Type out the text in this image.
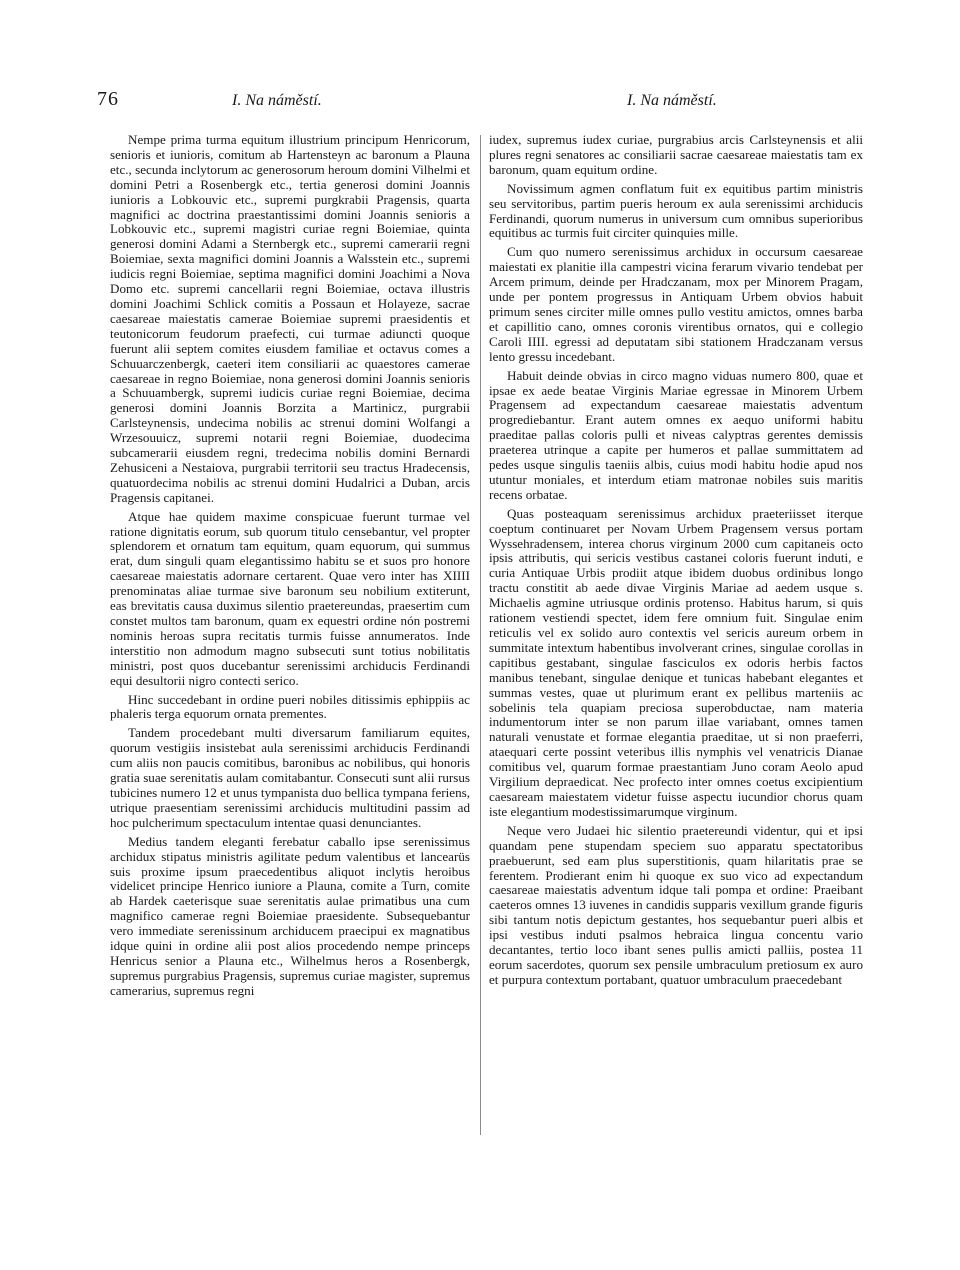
76	I. Na náměstí.	I. Na náměstí.

Nempe prima turma equitum illustrium principum Henricorum, senioris et iunioris, comitum ab Hartensteyn ac baronum a Plauna etc., secunda inclytorum ac generosorum heroum domini Vilhelmi et domini Petri a Rosenbergk etc., tertia generosi domini Joannis iunioris a Lobkouvic etc., supremi purgkrabii Pragensis, quarta magnifici ac doctrina praestantissimi domini Joannis senioris a Lobkouvic etc., supremi magistri curiae regni Boiemiae, quinta generosi domini Adami a Sternbergk etc., supremi camerarii regni Boiemiae, sexta magnifici domini Joannis a Walsstein etc., supremi iudicis regni Boiemiae, septima magnifici domini Joachimi a Nova Domo etc. supremi cancellarii regni Boiemiae, octava illustris domini Joachimi Schlick comitis a Possaun et Holayeze, sacrae caesareae maiestatis camerae Boiemiae supremi praesidentis et teutonicorum feudorum praefecti, cui turmae adiuncti quoque fuerunt alii septem comites eiusdem familiae et octavus comes a Schuuarczenbergk, caeteri item consiliarii ac quaestores camerae caesareae in regno Boiemiae, nona generosi domini Joannis senioris a Schuuambergk, supremi iudicis curiae regni Boiemiae, decima generosi domini Joannis Borzita a Martinicz, purgrabii Carlsteynensis, undecima nobilis ac strenui domini Wolfangi a Wrzesouuicz, supremi notarii regni Boiemiae, duodecima subcamerarii eiusdem regni, tredecima nobilis domini Bernardi Zehusiceni a Nestaiova, purgrabii territorii seu tractus Hradecensis, quatuordecima nobilis ac strenui domini Hudalrici a Duban, arcis Pragensis capitanei.

Atque hae quidem maxime conspicuae fuerunt turmae vel ratione dignitatis eorum, sub quorum titulo censebantur, vel propter splendorem et ornatum tam equitum, quam equorum, qui summus erat, dum singuli quam elegantissimo habitu se et suos pro honore caesareae maiestatis adornare certarent. Quae vero inter has XIIII prenominatas aliae turmae sive baronum seu nobilium extiterunt, eas brevitatis causa duximus silentio praetereundas, praesertim cum constet multos tam baronum, quam ex equestri ordine nón postremi nominis heroas supra recitatis turmis fuisse annumeratos. Inde interstitio non admodum magno subsecuti sunt totius nobilitatis ministri, post quos ducebantur serenissimi archiducis Ferdinandi equi desultorii nigro contecti serico.

Hinc succedebant in ordine pueri nobiles ditissimis ephippiis ac phaleris terga equorum ornata prementes.

Tandem procedebant multi diversarum familiarum equites, quorum vestigiis insistebat aula serenissimi archiducis Ferdinandi cum aliis non paucis comitibus, baronibus ac nobilibus, qui honoris gratia suae serenitatis aulam comitabantur. Consecuti sunt alii rursus tubicines numero 12 et unus tympanista duo bellica tympana feriens, utrique praesentiam serenissimi archiducis multitudini passim ad hoc pulcherimum spectaculum intentae quasi denunciantes.

Medius tandem eleganti ferebatur caballo ipse serenissimus archidux stipatus ministris agilitate pedum valentibus et lancearüs suis proxime ipsum praecedentibus aliquot inclytis heroibus videlicet principe Henrico iuniore a Plauna, comite a Turn, comite ab Hardek caeterisque suae serenitatis aulae primatibus una cum magnifico camerae regni Boiemiae praesidente. Subsequebantur vero immediate serenissinum archiducem praecipui ex magnatibus idque quini in ordine alii post alios procedendo nempe princeps Henricus senior a Plauna etc., Wilhelmus heros a Rosenbergk, supremus purgrabius Pragensis, supremus curiae magister, supremus camerarius, supremus regni

iudex, supremus iudex curiae, purgrabius arcis Carlsteynensis et alii plures regni senatores ac consiliarii sacrae caesareae maiestatis tam ex baronum, quam equitum ordine.

Novissimum agmen conflatum fuit ex equitibus partim ministris seu servitoribus, partim pueris heroum ex aula serenissimi archiducis Ferdinandi, quorum numerus in universum cum omnibus superioribus equitibus ac turmis fuit circiter quinquies mille.

Cum quo numero serenissimus archidux in occursum caesareae maiestati ex planitie illa campestri vicina ferarum vivario tendebat per Arcem primum, deinde per Hradczanam, mox per Minorem Pragam, unde per pontem progressus in Antiquam Urbem obvios habuit primum senes circiter mille omnes pullo vestitu amictos, omnes barba et capillitio cano, omnes coronis virentibus ornatos, qui e collegio Caroli IIII. egressi ad deputatam sibi stationem Hradczanam versus lento gressu incedebant.

Habuit deinde obvias in circo magno viduas numero 800, quae et ipsae ex aede beatae Virginis Mariae egressae in Minorem Urbem Pragensem ad expectandum caesareae maiestatis adventum progrediebantur. Erant autem omnes ex aequo uniformi habitu praeditae pallas coloris pulli et niveas calyptras gerentes demissis praeterea utrinque a capite per humeros et pallae summittatem ad pedes usque singulis taeniis albis, cuius modi habitu hodie apud nos utuntur moniales, et interdum etiam matronae nobiles suis maritis recens orbatae.

Quas posteaquam serenissimus archidux praeteriisset iterque coeptum continuaret per Novam Urbem Pragensem versus portam Wyssehradensem, interea chorus virginum 2000 cum capitaneis octo ipsis attributis, qui sericis vestibus castanei coloris fuerunt induti, e curia Antiquae Urbis prodiit atque ibidem duobus ordinibus longo tractu constitit ab aede divae Virginis Mariae ad aedem usque s. Michaelis agmine utriusque ordinis protenso. Habitus harum, si quis rationem vestiendi spectet, idem fere omnium fuit. Singulae enim reticulis vel ex solido auro contextis vel sericis aureum orbem in summitate intextum habentibus involverant crines, singulae corollas in capitibus gestabant, singulae fasciculos ex odoris herbis factos manibus tenebant, singulae denique et tunicas habebant elegantes et summas vestes, quae ut plurimum erant ex pellibus marteniis ac sobelinis tela quapiam preciosa superobductae, nam materia indumentorum inter se non parum illae variabant, omnes tamen naturali venustate et formae elegantia praeditae, ut si non praeferri, ataequari certe possint veteribus illis nymphis vel venatricis Dianae comitibus vel, quarum formae praestantiam Juno coram Aeolo apud Virgilium depraedicat. Nec profecto inter omnes coetus excipientium caesaream maiestatem videtur fuisse aspectu iucundior chorus quam iste elegantium modestissimarumque virginum.

Neque vero Judaei hic silentio praetereundi videntur, qui et ipsi quandam pene stupendam speciem suo apparatu spectatoribus praebuerunt, sed eam plus superstitionis, quam hilaritatis prae se ferentem. Prodierant enim hi quoque ex suo vico ad expectandum caesareae maiestatis adventum idque tali pompa et ordine: Praeibant caeteros omnes 13 iuvenes in candidis supparis vexillum grande figuris sibi tantum notis depictum gestantes, hos sequebantur pueri albis et ipsi vestibus induti psalmos hebraica lingua concentu vario decantantes, tertio loco ibant senes pullis amicti palliis, postea 11 eorum sacerdotes, quorum sex pensile umbraculum pretiosum ex auro et purpura contextum portabant, quatuor umbraculum praecedebant
